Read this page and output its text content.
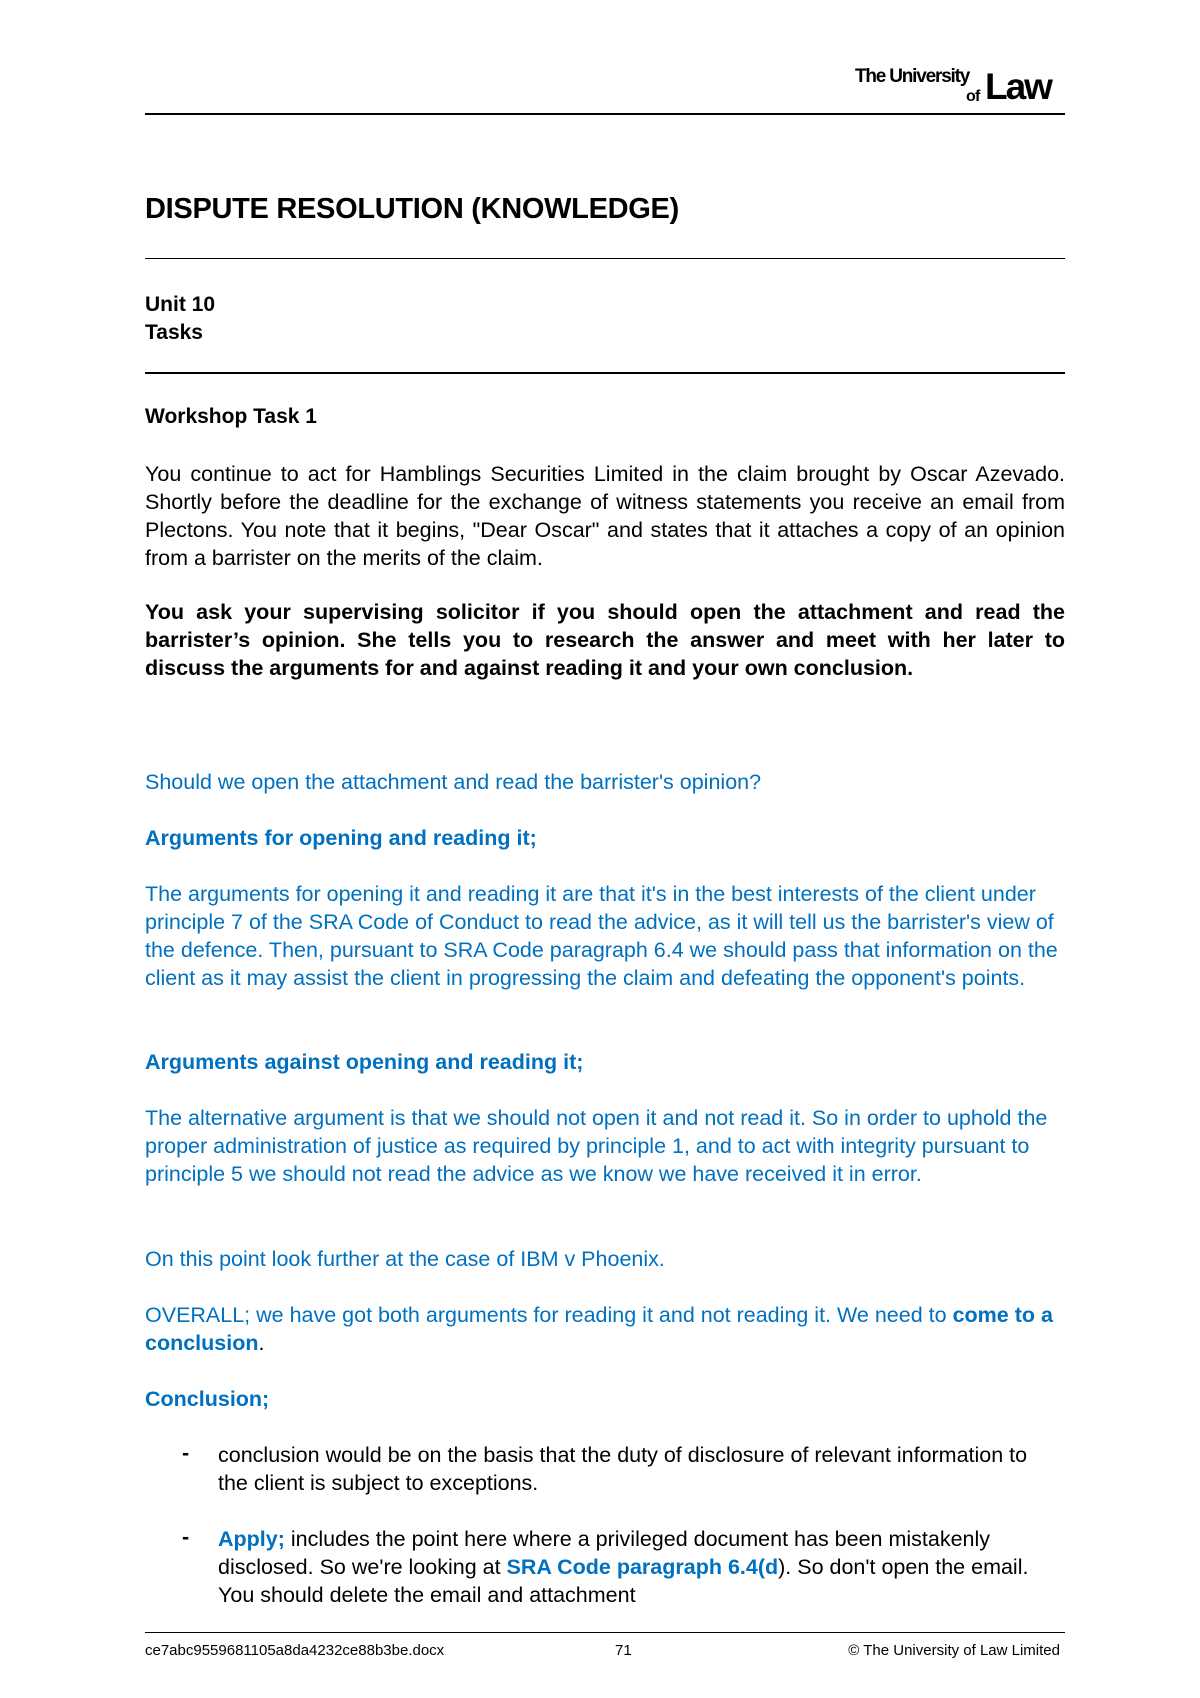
The University
of Law
DISPUTE RESOLUTION (KNOWLEDGE)
Unit 10
Tasks
Workshop Task 1
You continue to act for Hamblings Securities Limited in the claim brought by Oscar Azevado. Shortly before the deadline for the exchange of witness statements you receive an email from Plectons. You note that it begins, "Dear Oscar" and states that it attaches a copy of an opinion from a barrister on the merits of the claim.
You ask your supervising solicitor if you should open the attachment and read the barrister’s opinion. She tells you to research the answer and meet with her later to discuss the arguments for and against reading it and your own conclusion.
Should we open the attachment and read the barrister's opinion?
Arguments for opening and reading it;
The arguments for opening it and reading it are that it's in the best interests of the client under principle 7 of the SRA Code of Conduct to read the advice, as it will tell us the barrister's view of the defence. Then, pursuant to SRA Code paragraph 6.4 we should pass that information on the client as it may assist the client in progressing the claim and defeating the opponent's points.
Arguments against opening and reading it;
The alternative argument is that we should not open it and not read it. So in order to uphold the proper administration of justice as required by principle 1, and to act with integrity pursuant to principle 5 we should not read the advice as we know we have received it in error.
On this point look further at the case of IBM v Phoenix.
OVERALL; we have got both arguments for reading it and not reading it. We need to come to a conclusion.
Conclusion;
- conclusion would be on the basis that the duty of disclosure of relevant information to the client is subject to exceptions.
- Apply; includes the point here where a privileged document has been mistakenly disclosed. So we're looking at SRA Code paragraph 6.4(d). So don't open the email. You should delete the email and attachment
ce7abc9559681105a8da4232ce88b3be.docx	71	© The University of Law Limited
